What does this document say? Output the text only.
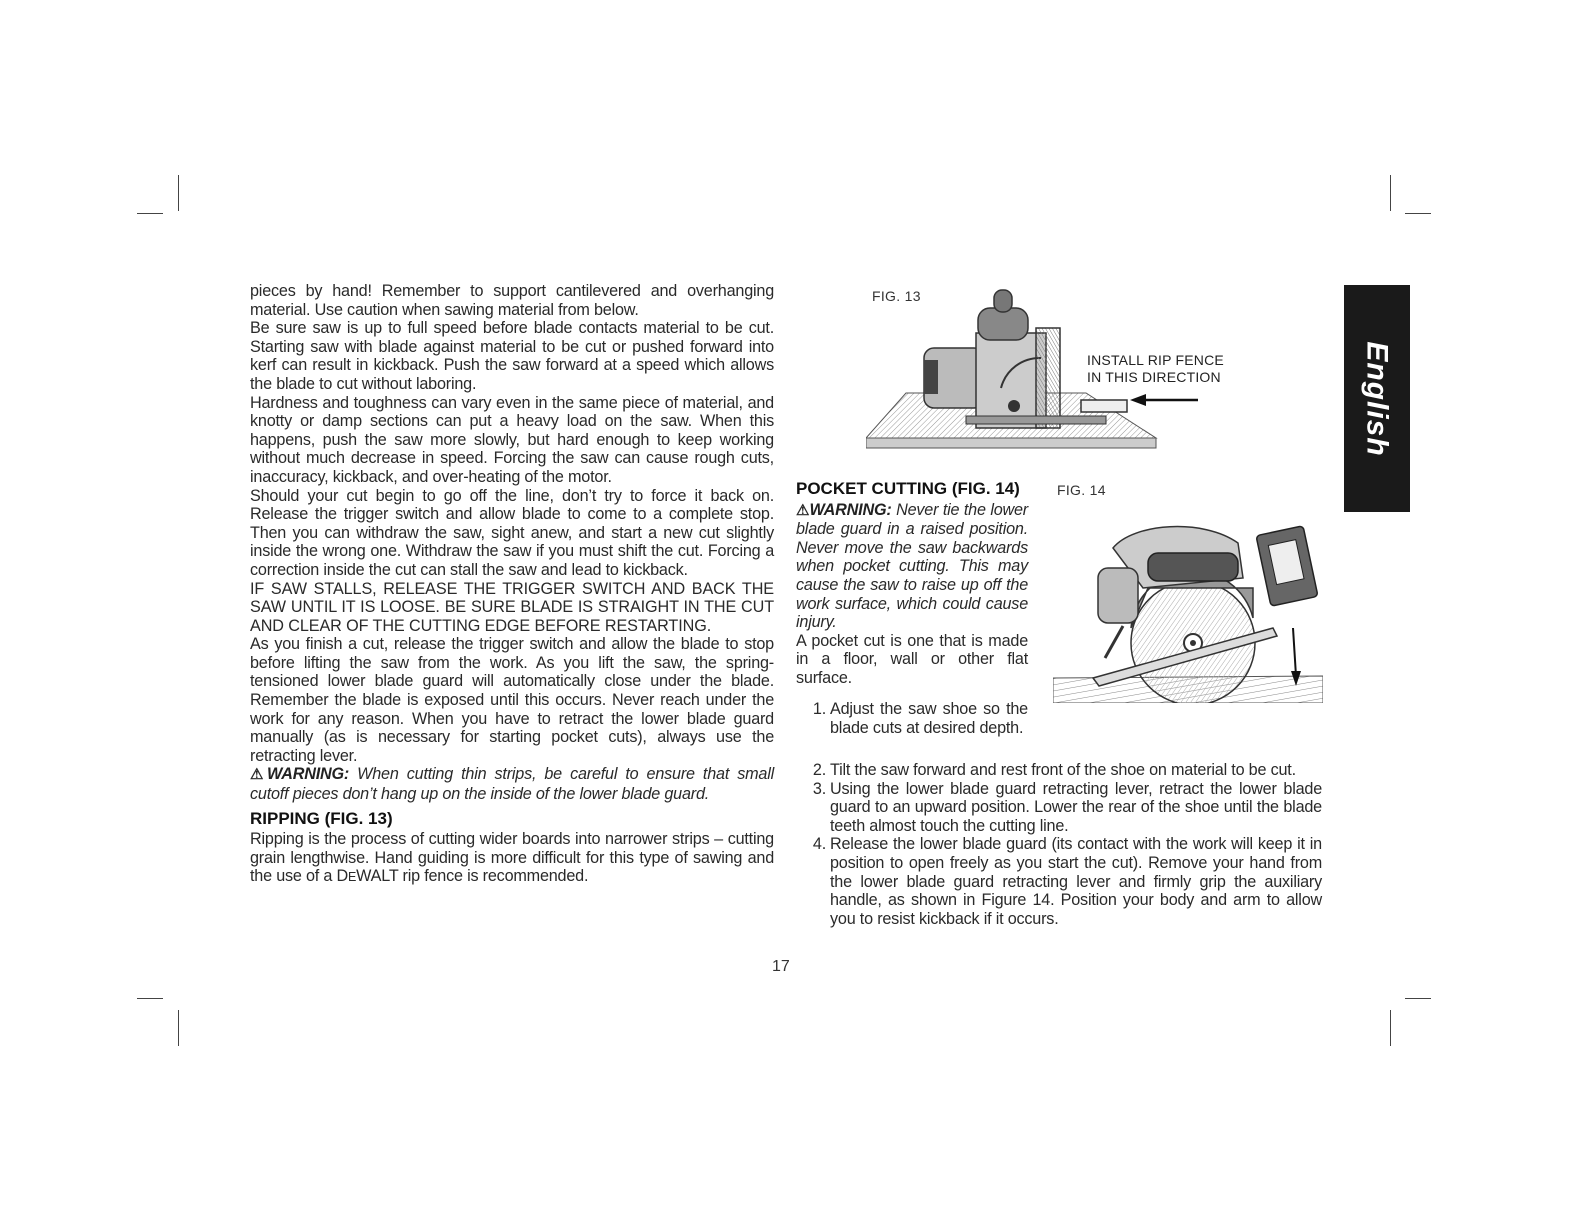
pieces by hand! Remember to support cantilevered and overhanging material. Use caution when sawing material from below.

Be sure saw is up to full speed before blade contacts material to be cut. Starting saw with blade against material to be cut or pushed forward into kerf can result in kickback. Push the saw forward at a speed which allows the blade to cut without laboring.

Hardness and toughness can vary even in the same piece of material, and knotty or damp sections can put a heavy load on the saw. When this happens, push the saw more slowly, but hard enough to keep working without much decrease in speed. Forcing the saw can cause rough cuts, inaccuracy, kickback, and over-heating of the motor.

Should your cut begin to go off the line, don’t try to force it back on. Release the trigger switch and allow blade to come to a complete stop. Then you can withdraw the saw, sight anew, and start a new cut slightly inside the wrong one. Withdraw the saw if you must shift the cut. Forcing a correction inside the cut can stall the saw and lead to kickback.

IF SAW STALLS, RELEASE THE TRIGGER SWITCH AND BACK THE SAW UNTIL IT IS LOOSE. BE SURE BLADE IS STRAIGHT IN THE CUT AND CLEAR OF THE CUTTING EDGE BEFORE RESTARTING.

As you finish a cut, release the trigger switch and allow the blade to stop before lifting the saw from the work. As you lift the saw, the spring-tensioned lower blade guard will automatically close under the blade. Remember the blade is exposed until this occurs. Never reach under the work for any reason. When you have to retract the lower blade guard manually (as is necessary for starting pocket cuts), always use the retracting lever.

⚠WARNING: When cutting thin strips, be careful to ensure that small cutoff pieces don’t hang up on the inside of the lower blade guard.

RIPPING (FIG. 13)

Ripping is the process of cutting wider boards into narrower strips – cutting grain lengthwise. Hand guiding is more difficult for this type of sawing and the use of a DEWALT rip fence is recommended.

FIG. 13
INSTALL RIP FENCE
IN THIS DIRECTION
POCKET CUTTING (FIG. 14)

⚠WARNING: Never tie the lower blade guard in a raised position. Never move the saw backwards when pocket cutting. This may cause the saw to raise up off the work surface, which could cause injury.

A pocket cut is one that is made in a floor, wall or other flat surface.

1. Adjust the saw shoe so the blade cuts at desired depth.
2. Tilt the saw forward and rest front of the shoe on material to be cut.
3. Using the lower blade guard retracting lever, retract the lower blade guard to an upward position. Lower the rear of the shoe until the blade teeth almost touch the cutting line.
4. Release the lower blade guard (its contact with the work will keep it in position to open freely as you start the cut). Remove your hand from the lower blade guard retracting lever and firmly grip the auxiliary handle, as shown in Figure 14. Position your body and arm to allow you to resist kickback if it occurs.
FIG. 14
English
17
